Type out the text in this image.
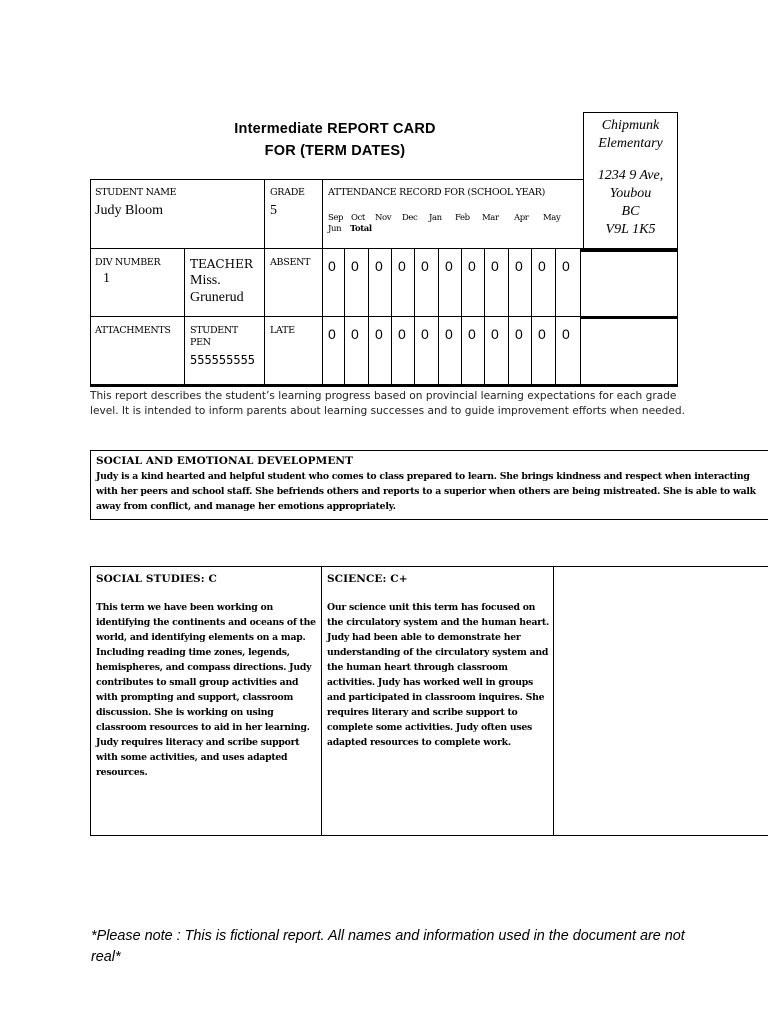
Intermediate REPORT CARD
FOR (TERM DATES)
Chipmunk
Elementary
1234 9 Ave,
Youbou
BC
V9L 1K5
STUDENT NAME
Judy Bloom
GRADE
5
ATTENDANCE RECORD FOR (SCHOOL YEAR)
Sep Oct Nov Dec Jan Feb Mar Apr May
Jun Total
DIV NUMBER
1
TEACHER
Miss.
Grunerud
ABSENT 0 0 0 0 0 0 0 0 0 0 0
ATTACHMENTS STUDENT
PEN
555555555
LATE 0 0 0 0 0 0 0 0 0 0 0
This report describes the student’s learning progress based on provincial learning expectations for each grade level. It is intended to inform parents about learning successes and to guide improvement efforts when needed.
SOCIAL AND EMOTIONAL DEVELOPMENT
Judy is a kind hearted and helpful student who comes to class prepared to learn. She brings kindness and respect when interacting with her peers and school staff. She befriends others and reports to a superior when others are being mistreated. She is able to walk away from conflict, and manage her emotions appropriately.
SOCIAL STUDIES: C
This term we have been working on identifying the continents and oceans of the world, and identifying elements on a map. Including reading time zones, legends, hemispheres, and compass directions. Judy contributes to small group activities and with prompting and support, classroom discussion. She is working on using classroom resources to aid in her learning. Judy requires literacy and scribe support with some activities, and uses adapted resources.
SCIENCE: C+
Our science unit this term has focused on the circulatory system and the human heart. Judy had been able to demonstrate her understanding of the circulatory system and the human heart through classroom activities. Judy has worked well in groups and participated in classroom inquires. She requires literary and scribe support to complete some activities. Judy often uses adapted resources to complete work.
*Please note : This is fictional report. All names and information used in the document are not real*
